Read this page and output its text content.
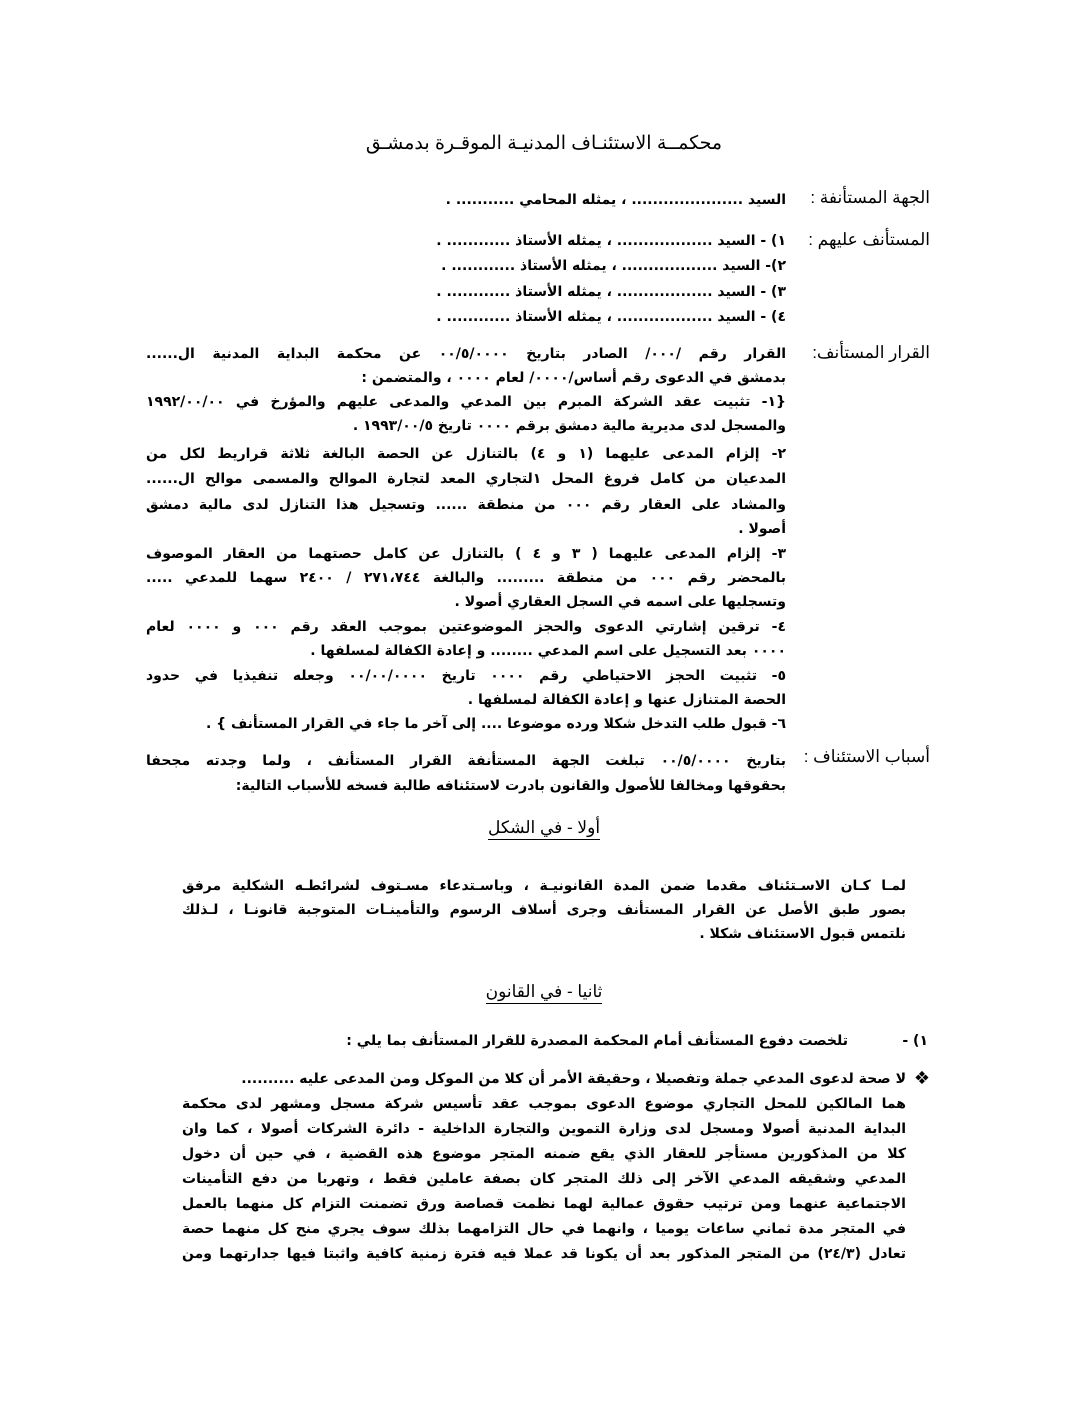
محكمــة الاستئنـاف المدنيـة الموقـرة بدمشـق
الجهة المستأنفة :
السيد ..................... ، يمثله المحامي ........... .
المستأنف عليهم :
١) - السيد .................. ، يمثله الأستاذ ............ .
٢)- السيد .................. ، يمثله الأستاذ ............ .
٣) - السيد .................. ، يمثله الأستاذ ............ .
٤) - السيد .................. ، يمثله الأستاذ ............ .
القرار المستأنف:
القرار رقم /٠٠٠/ الصادر بتاريخ ٠٠/٥/٠٠٠٠ عن محكمة البداية المدنية ال......
بدمشق في الدعوى رقم أساس/٠٠٠٠/ لعام ٠٠٠٠ ، والمتضمن :
{١- تثبيت عقد الشركة المبرم بين المدعي والمدعى عليهم والمؤرخ في ١٩٩٢/٠٠/٠٠
والمسجل لدى مديرية مالية دمشق برقم ٠٠٠٠ تاريخ ١٩٩٣/٠٠/٥ .
٢- إلزام المدعى عليهما (١ و ٤) بالتنازل عن الحصة البالغة ثلاثة قراريط لكل من
المدعيان من كامل فروغ المحل ١لتجاري المعد لتجارة الموالح والمسمى موالح ال......
والمشاد على العقار رقم ٠٠٠ من منطقة ...... وتسجيل هذا التنازل لدى مالية دمشق
أصولا .
٣- إلزام المدعى عليهما ( ٣ و ٤ ) بالتنازل عن كامل حصتهما من العقار الموصوف
بالمحضر رقم ٠٠٠ من منطقة ......... والبالغة ٢٧١،٧٤٤ / ٢٤٠٠ سهما للمدعي .....
وتسجليها على اسمه في السجل العقاري أصولا .
٤- ترقين إشارتي الدعوى والحجز الموضوعتين بموجب العقد رقم ٠٠٠ و ٠٠٠٠ لعام
٠٠٠٠ بعد التسجيل على اسم المدعي ........ و إعادة الكفالة لمسلفها .
٥- تثبيت الحجز الاحتياطي رقم ٠٠٠٠ تاريخ ٠٠/٠٠/٠٠٠٠ وجعله تنفيذيا في حدود
الحصة المتنازل عنها و إعادة الكفالة لمسلفها .
٦- قبول طلب التدخل شكلا ورده موضوعا .... إلى آخر ما جاء في القرار المستأنف } .
أسباب الاستئناف :
بتاريخ ٠٠/٥/٠٠٠٠ تبلغت الجهة المستأنفة القرار المستأنف ، ولما وجدته مجحفا
بحقوقها ومخالفا للأصول والقانون بادرت لاستئنافه طالبة فسخه للأسباب التالية:
أولا - في الشكل
لمـا كـان الاسـتئناف مقدما ضمن المدة القانونيـة ، وباسـتدعاء مسـتوف لشرائطـه الشكلية مرفق
بصور طبق الأصل عن القرار المستأنف وجرى أسلاف الرسوم والتأمينـات المتوجبة قانونـا ، لـذلك
نلتمس قبول الاستئناف شكلا .
ثانيا - في القانون
١) -
تلخصت دفوع المستأنف أمام المحكمة المصدرة للقرار المستأنف بما يلي :
❖
لا صحة لدعوى المدعي جملة وتفصيلا ، وحقيقة الأمر أن كلا من الموكل ومن المدعى عليه ..........
هما المالكين للمحل التجاري موضوع الدعوى بموجب عقد تأسيس شركة مسجل ومشهر لدى محكمة
البداية المدنية أصولا ومسجل لدى وزارة التموين والتجارة الداخلية - دائرة الشركات أصولا ، كما وان
كلا من المذكورين مستأجر للعقار الذي يقع ضمنه المتجر موضوع هذه القضية ، في حين أن دخول
المدعي وشقيقه المدعي الآخر إلى ذلك المتجر كان بصفة عاملين فقط ، وتهربا من دفع التأمينات
الاجتماعية عنهما ومن ترتيب حقوق عمالية لهما نظمت قصاصة ورق تضمنت التزام كل منهما بالعمل
في المتجر مدة ثماني ساعات يوميا ، وانهما في حال التزامهما بذلك سوف يجري منح كل منهما حصة
تعادل (٢٤/٣) من المتجر المذكور بعد أن يكونا قد عملا فيه فترة زمنية كافية واثبتا فيها جدارتهما ومن
